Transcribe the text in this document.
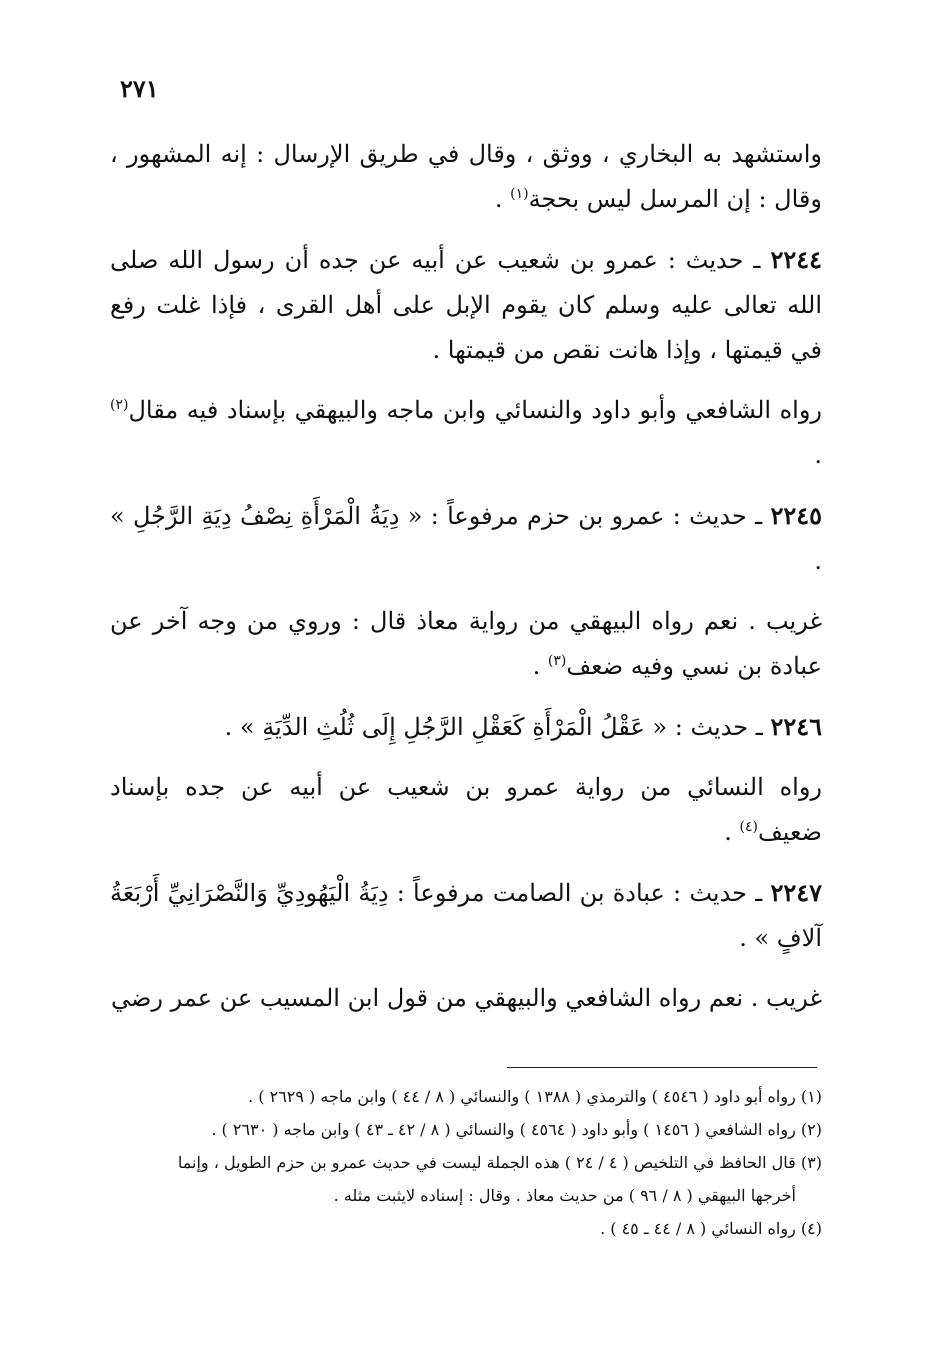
٢٧١

واستشهد به البخاري ، ووثق ، وقال في طريق الإرسال : إنه المشهور ، وقال : إن المرسل ليس بحجة$^{(١)}$ .

٢٢٤٤ ـ حديث : عمرو بن شعيب عن أبيه عن جده أن رسول الله صلى الله تعالى عليه وسلم كان يقوم الإبل على أهل القرى ، فإذا غلت رفع في قيمتها ، وإذا هانت نقص من قيمتها .

رواه الشافعي وأبو داود والنسائي وابن ماجه والبيهقي بإسناد فيه مقال$^{(٢)}$ .

٢٢٤٥ ـ حديث : عمرو بن حزم مرفوعاً : « دِيَةُ الْمَرْأَةِ نِصْفُ دِيَةِ الرَّجُلِ » .

غريب . نعم رواه البيهقي من رواية معاذ قال : وروي من وجه آخر عن عبادة بن نسي وفيه ضعف$^{(٣)}$ .

٢٢٤٦ ـ حديث : « عَقْلُ الْمَرْأَةِ كَعَقْلِ الرَّجُلِ إِلَى ثُلُثِ الدِّيَةِ » .

رواه النسائي من رواية عمرو بن شعيب عن أبيه عن جده بإسناد ضعيف$^{(٤)}$ .

٢٢٤٧ ـ حديث : عبادة بن الصامت مرفوعاً : دِيَةُ الْيَهُودِيِّ وَالنَّصْرَانِيِّ أَرْبَعَةُ آلافٍ » .

غريب . نعم رواه الشافعي والبيهقي من قول ابن المسيب عن عمر رضي

(١) رواه أبو داود ( ٤٥٤٦ ) والترمذي ( ١٣٨٨ ) والنسائي ( ٨ / ٤٤ ) وابن ماجه ( ٢٦٢٩ ) .

(٢) رواه الشافعي ( ١٤٥٦ ) وأبو داود ( ٤٥٦٤ ) والنسائي ( ٨ / ٤٢ ـ ٤٣ ) وابن ماجه ( ٢٦٣٠ ) .

(٣) قال الحافظ في التلخيص ( ٤ / ٢٤ ) هذه الجملة ليست في حديث عمرو بن حزم الطويل ، وإنما

أخرجها البيهقي ( ٨ / ٩٦ ) من حديث معاذ . وقال : إسناده لايثبت مثله .

(٤) رواه النسائي ( ٨ / ٤٤ ـ ٤٥ ) .
